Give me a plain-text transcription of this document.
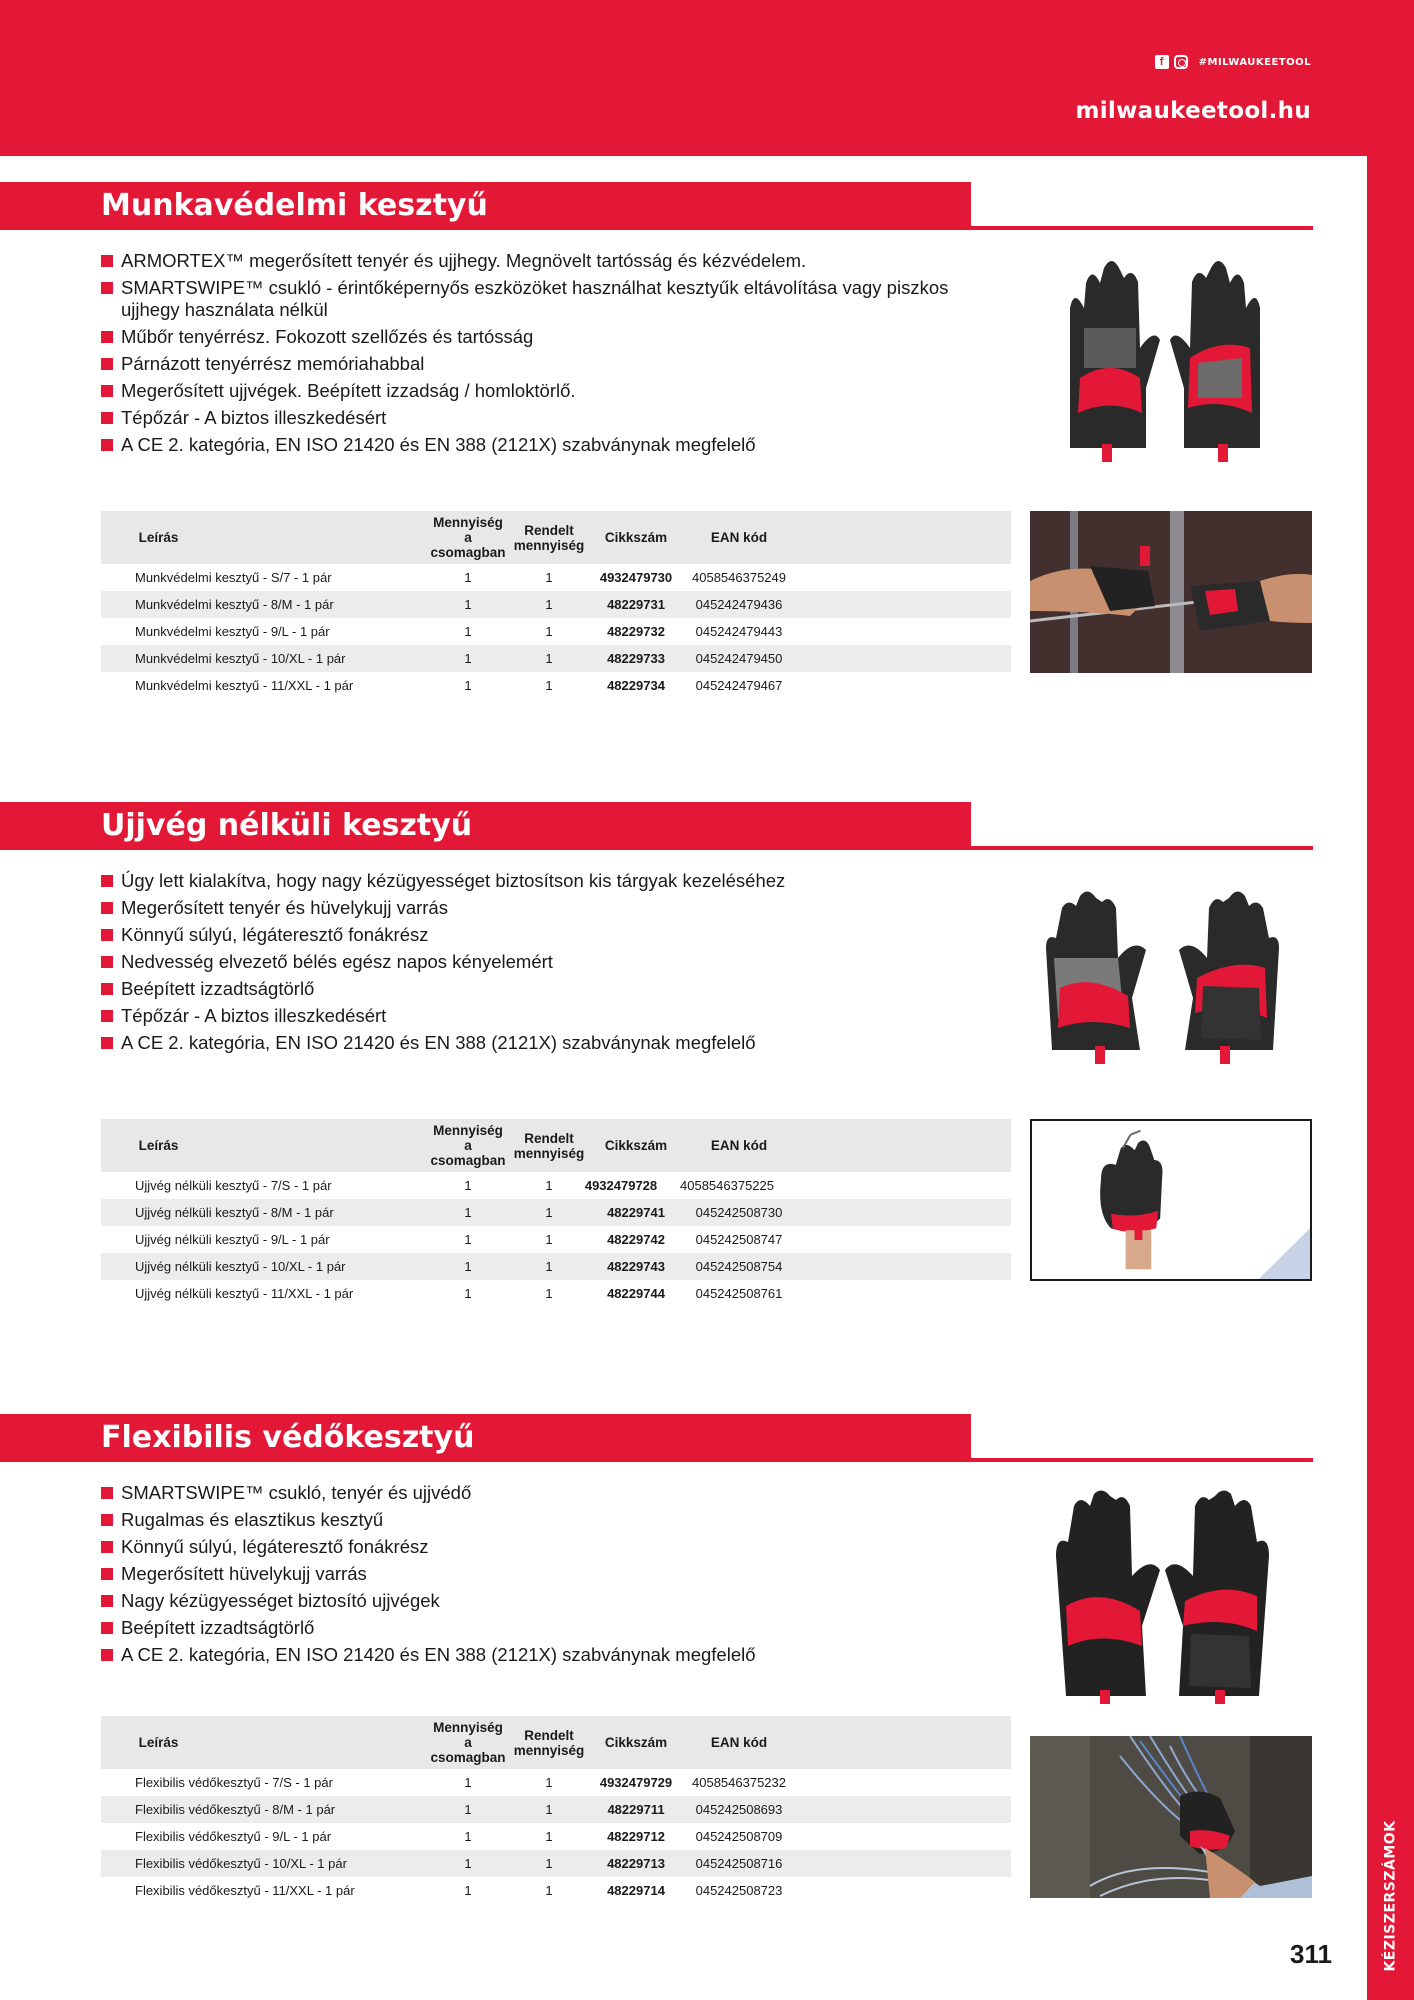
f	#MILWAUKEETOOL
milwaukeetool.hu
KÉZISZERSZÁMOK
311
Munkavédelmi kesztyű
ARMORTEX™ megerősített tenyér és ujjhegy. Megnövelt tartósság és kézvédelem.
SMARTSWIPE™ csukló - érintőképernyős eszközöket használhat kesztyűk eltávolítása vagy piszkos ujjhegy használata nélkül
Műbőr tenyérrész. Fokozott szellőzés és tartósság
Párnázott tenyérrész memóriahabbal
Megerősített ujjvégek. Beépített izzadság / homloktörlő.
Tépőzár - A biztos illeszkedésért
A CE 2. kategória, EN ISO 21420 és EN 388 (2121X) szabványnak megfelelő
Leírás
Mennyiség a csomagban
Rendelt mennyiség	Cikkszám	EAN kód
Munkvédelmi kesztyű - S/7 - 1 pár	1	1	4932479730	4058546375249
Munkvédelmi kesztyű - 8/M - 1 pár	1	1	48229731	045242479436
Munkvédelmi kesztyű - 9/L - 1 pár	1	1	48229732	045242479443
Munkvédelmi kesztyű - 10/XL - 1 pár	1	1	48229733	045242479450
Munkvédelmi kesztyű - 11/XXL - 1 pár	1	1	48229734	045242479467
Ujjvég nélküli kesztyű
Úgy lett kialakítva, hogy nagy kézügyességet biztosítson kis tárgyak kezeléséhez
Megerősített tenyér és hüvelykujj varrás
Könnyű súlyú, légáteresztő fonákrész
Nedvesség elvezető bélés egész napos kényelemért
Beépített izzadtságtörlő
Tépőzár - A biztos illeszkedésért
A CE 2. kategória, EN ISO 21420 és EN 388 (2121X) szabványnak megfelelő
Leírás
Mennyiség a csomagban
Rendelt mennyiség	Cikkszám	EAN kód
Ujjvég nélküli kesztyű - 7/S - 1 pár	1	1	4932479728	4058546375225
Ujjvég nélküli kesztyű - 8/M - 1 pár	1	1	48229741	045242508730
Ujjvég nélküli kesztyű - 9/L - 1 pár	1	1	48229742	045242508747
Ujjvég nélküli kesztyű - 10/XL - 1 pár	1	1	48229743	045242508754
Ujjvég nélküli kesztyű - 11/XXL - 1 pár	1	1	48229744	045242508761
Flexibilis védőkesztyű
SMARTSWIPE™ csukló, tenyér és ujjvédő
Rugalmas és elasztikus kesztyű
Könnyű súlyú, légáteresztő fonákrész
Megerősített hüvelykujj varrás
Nagy kézügyességet biztosító ujjvégek
Beépített izzadtságtörlő
A CE 2. kategória, EN ISO 21420 és EN 388 (2121X) szabványnak megfelelő
Leírás
Mennyiség a csomagban
Rendelt mennyiség	Cikkszám	EAN kód
Flexibilis védőkesztyű - 7/S - 1 pár	1	1	4932479729	4058546375232
Flexibilis védőkesztyű - 8/M - 1 pár	1	1	48229711	045242508693
Flexibilis védőkesztyű - 9/L - 1 pár	1	1	48229712	045242508709
Flexibilis védőkesztyű - 10/XL - 1 pár	1	1	48229713	045242508716
Flexibilis védőkesztyű - 11/XXL - 1 pár	1	1	48229714	045242508723
